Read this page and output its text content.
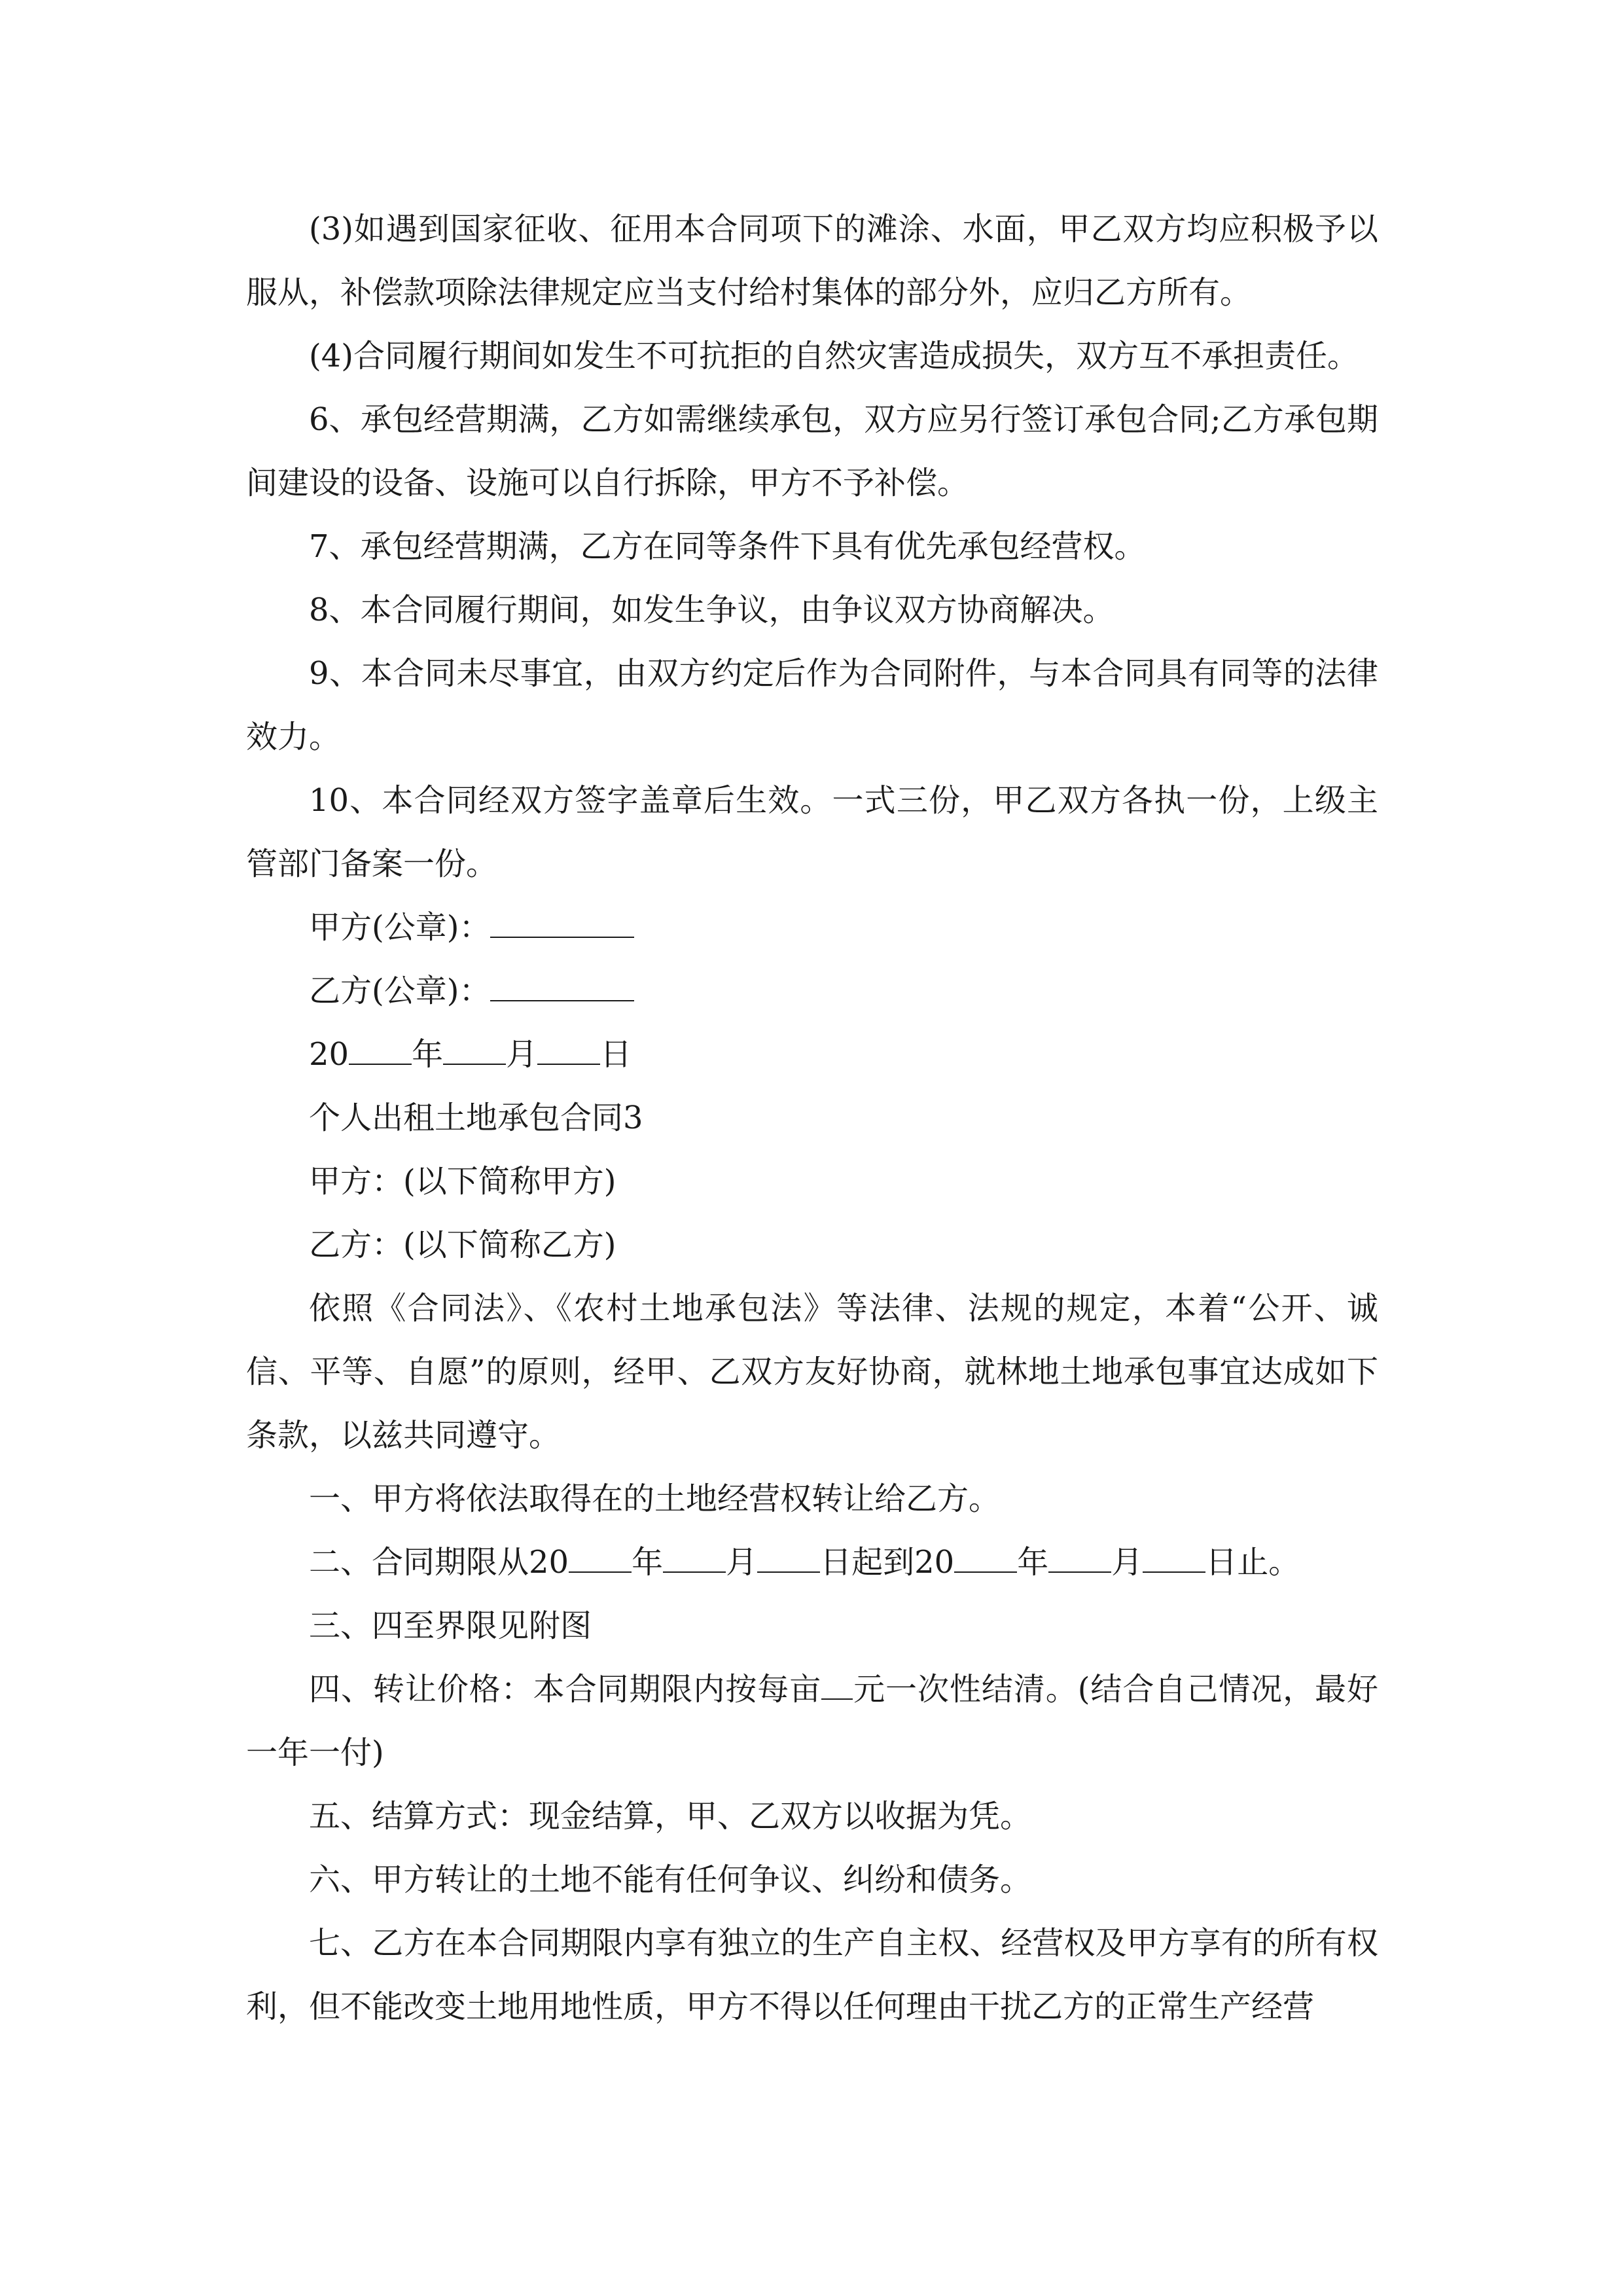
(3)如遇到国家征收、征用本合同项下的滩涂、水面，甲乙双方均应积极予以服从，补偿款项除法律规定应当支付给村集体的部分外，应归乙方所有。

(4)合同履行期间如发生不可抗拒的自然灾害造成损失，双方互不承担责任。

6、承包经营期满，乙方如需继续承包，双方应另行签订承包合同;乙方承包期间建设的设备、设施可以自行拆除，甲方不予补偿。

7、承包经营期满，乙方在同等条件下具有优先承包经营权。

8、本合同履行期间，如发生争议，由争议双方协商解决。

9、本合同未尽事宜，由双方约定后作为合同附件，与本合同具有同等的法律效力。

10、本合同经双方签字盖章后生效。一式三份，甲乙双方各执一份，上级主管部门备案一份。

甲方(公章)：

乙方(公章)：

20 年 月 日

个人出租土地承包合同3

甲方：(以下简称甲方)

乙方：(以下简称乙方)

依照《合同法》、《农村土地承包法》等法律、法规的规定，本着“公开、诚信、平等、自愿”的原则，经甲、乙双方友好协商，就林地土地承包事宜达成如下条款，以兹共同遵守。

一、甲方将依法取得在的土地经营权转让给乙方。

二、合同期限从20 年 月 日起到20 年 月 日止。

三、四至界限见附图

四、转让价格：本合同期限内按每亩 元一次性结清。(结合自己情况，最好一年一付)

五、结算方式：现金结算，甲、乙双方以收据为凭。

六、甲方转让的土地不能有任何争议、纠纷和债务。

七、乙方在本合同期限内享有独立的生产自主权、经营权及甲方享有的所有权利，但不能改变土地用地性质，甲方不得以任何理由干扰乙方的正常生产经营
